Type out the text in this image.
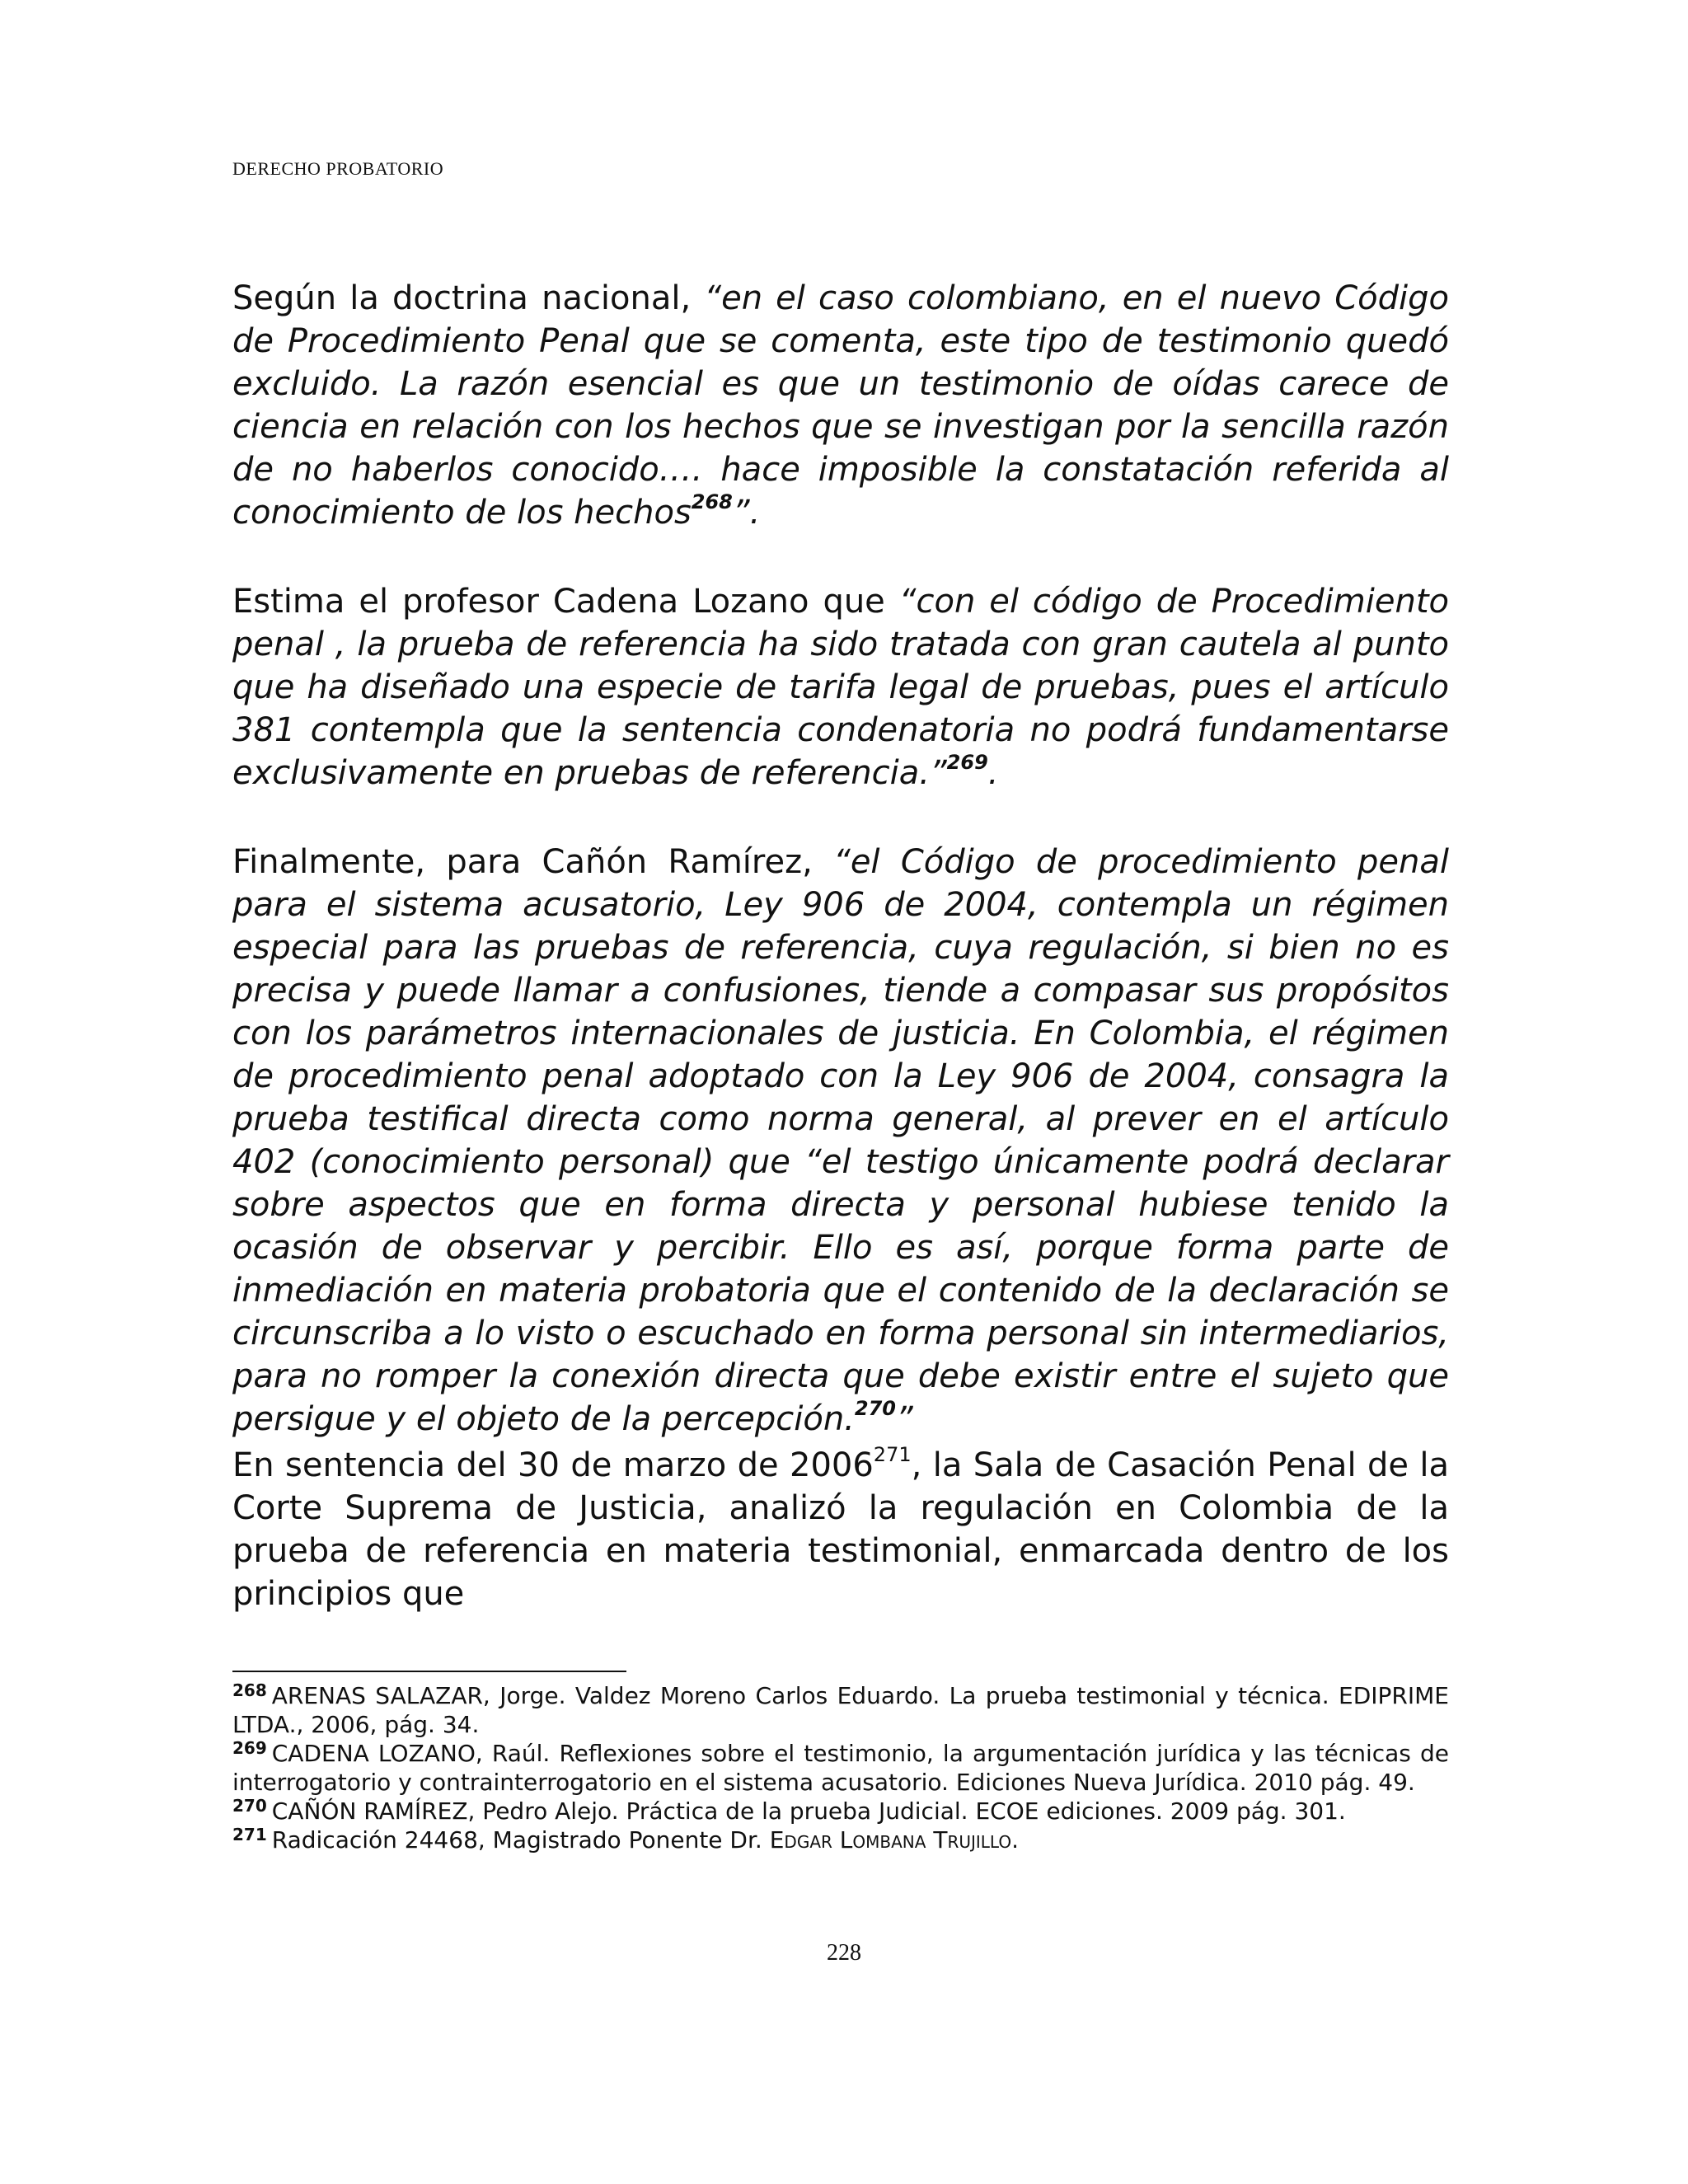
DERECHO PROBATORIO

Según la doctrina nacional, “en el caso colombiano, en el nuevo Código de Procedimiento Penal que se comenta, este tipo de testimonio quedó excluido. La razón esencial es que un testimonio de oídas carece de ciencia en relación con los hechos que se investigan por la sencilla razón de no haberlos conocido…. hace imposible la constatación referida al conocimiento de los hechos$^{268}$”.

Estima el profesor Cadena Lozano que “con el código de Procedimiento penal , la prueba de referencia ha sido tratada con gran cautela al punto que ha diseñado una especie de tarifa legal de pruebas, pues el artículo 381 contempla que la sentencia condenatoria no podrá fundamentarse exclusivamente en pruebas de referencia.”$^{269}$.

Finalmente, para Cañón Ramírez, “el Código de procedimiento penal para el sistema acusatorio, Ley 906 de 2004, contempla un régimen especial para las pruebas de referencia, cuya regulación, si bien no es precisa y puede llamar a confusiones, tiende a compasar sus propósitos con los parámetros internacionales de justicia. En Colombia, el régimen de procedimiento penal adoptado con la Ley 906 de 2004, consagra la prueba testifical directa como norma general, al prever en el artículo 402 (conocimiento personal) que “el testigo únicamente podrá declarar sobre aspectos que en forma directa y personal hubiese tenido la ocasión de observar y percibir. Ello es así, porque forma parte de inmediación en materia probatoria que el contenido de la declaración se circunscriba a lo visto o escuchado en forma personal sin intermediarios, para no romper la conexión directa que debe existir entre el sujeto que persigue y el objeto de la percepción.$^{270}$”

En sentencia del 30 de marzo de 2006$^{271}$, la Sala de Casación Penal de la Corte Suprema de Justicia, analizó la regulación en Colombia de la prueba de referencia en materia testimonial, enmarcada dentro de los principios que

$^{268}$ ARENAS SALAZAR, Jorge. Valdez Moreno Carlos Eduardo. La prueba testimonial y técnica. EDIPRIME LTDA., 2006, pág. 34.

$^{269}$ CADENA LOZANO, Raúl. Reflexiones sobre el testimonio, la argumentación jurídica y las técnicas de interrogatorio y contrainterrogatorio en el sistema acusatorio. Ediciones Nueva Jurídica. 2010 pág. 49.

$^{270}$ CAÑÓN RAMÍREZ, Pedro Alejo. Práctica de la prueba Judicial. ECOE ediciones. 2009 pág. 301.

$^{271}$ Radicación 24468, Magistrado Ponente Dr. Edgar Lombana Trujillo.

228
